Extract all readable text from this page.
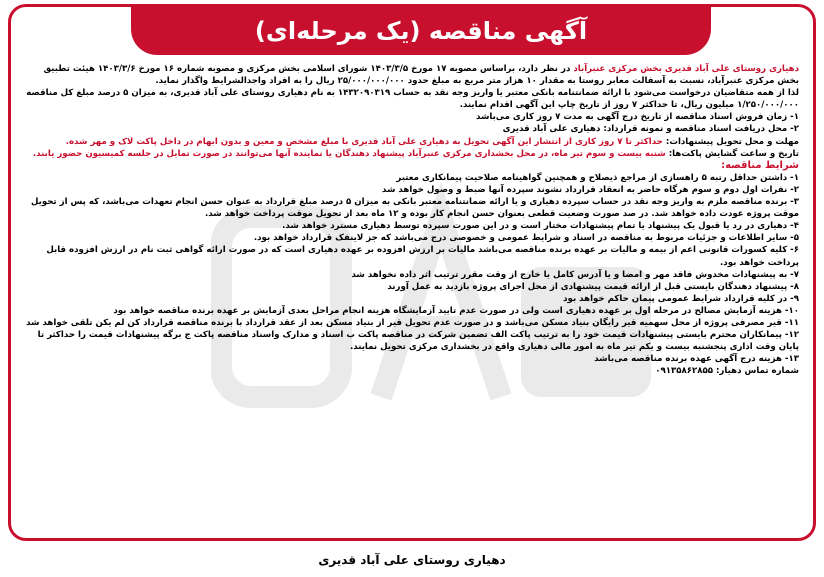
آگهی مناقصه (یک مرحله‌ای)

دهیاری روستای علی آباد قدیری بخش مرکزی عنبرآباد در نظر دارد، براساس مصوبه ۱۷ مورخ ۱۴۰۳/۳/۵ شورای اسلامی بخش مرکزی و مصوبه شماره ۱۶ مورخ ۱۴۰۳/۳/۶ هیئت تطبیق بخش مرکزی عنبرآباد، نسبت به آسفالت معابر روستا به مقدار ۱۰ هزار متر مربع به مبلغ حدود ۲۵/۰۰۰/۰۰۰/۰۰۰ ریال را به افراد واجدالشرایط واگذار نماید.

لذا از همه متقاضیان درخواست می‌شود با ارائه ضمانتنامه بانکی معتبر یا واریز وجه نقد به حساب ۱۴۳۲۰۹۰۳۱۹ به نام دهیاری روستای علی آباد قدیری، به میزان ۵ درصد مبلغ کل مناقصه ۱/۲۵۰/۰۰۰/۰۰۰ میلیون ریال، تا حداکثر ۷ روز از تاریخ چاپ این آگهی اقدام نمایند.

۱- زمان فروش اسناد مناقصه از تاریخ درج آگهی به مدت ۷ روز کاری می‌باشد

۲- محل دریافت اسناد مناقصه و نمونه قرارداد: دهیاری علی آباد قدیری

مهلت و محل تحویل پیشنهادات: حداکثر تا ۷ روز کاری از انتشار این آگهی تحویل به دهیاری علی آباد قدیری با مبلغ مشخص و معین و بدون ابهام در داخل پاکت لاک و مهر شده.

تاریخ و ساعت گشایش پاکت‌ها: شنبه بیست و سوم تیر ماه، در محل بخشداری مرکزی عنبرآباد پیشنهاد دهندگان یا نماینده آنها می‌توانند در صورت تمایل در جلسه کمیسیون حضور یابند.

شرایط مناقصه:

۱- داشتن حداقل رتبه ۵ راهسازی از مراجع ذیصلاح و همچنین گواهینامه صلاحیت پیمانکاری معتبر

۲- نفرات اول دوم و سوم هرگاه حاضر به انعقاد قرارداد نشوند سپرده آنها ضبط و وصول خواهد شد

۳- برنده مناقصه ملزم به واریز وجه نقد در حساب سپرده دهیاری و یا ارائه ضمانتنامه معتبر بانکی به میزان ۵ درصد مبلغ قرارداد به عنوان حسن انجام تعهدات می‌باشد، که پس از تحویل موقت پروژه عودت داده خواهد شد. در صد صورت وضعیت قطعی بعنوان حسن انجام کار بوده و ۱۲ ماه بعد از تحویل موقت پرداخت خواهد شد.

۴- دهیاری در رد یا قبول یک پیشنهاد یا تمام پیشنهادات مختار است و در این صورت سپرده توسط دهیاری مسترد خواهد شد.

۵- سایر اطلاعات و جزئیات مربوط به مناقصه در اسناد و شرایط عمومی و خصوصی درج می‌باشد که جز لاینفک قرارداد خواهد بود.

۶- کلیه کسورات قانونی اعم از بیمه و مالیات بر عهده برنده مناقصه می‌باشد مالیات بر ارزش افزوده بر عهده دهیاری است که در صورت ارائه گواهی ثبت نام در ارزش افزوده قابل پرداخت خواهد بود.

۷- به پیشنهادات مخدوش فاقد مهر و امضا و یا آدرس کامل یا خارج از وقت مقرر ترتیب اثر داده نخواهد شد

۸- پیشنهاد دهندگان بایستی قبل از ارائه قیمت پیشنهادی از محل اجرای پروژه بازدید به عمل آورند

۹- در کلیه قرارداد شرایط عمومی پیمان حاکم خواهد بود

۱۰- هزینه آزمایش مصالح در مرحله اول بر عهده دهیاری است ولی در صورت عدم تایید آزمایشگاه هزینه انجام مراحل بعدی آزمایش بر عهده برنده مناقصه خواهد بود

۱۱- قیر مصرفی پروژه از محل سهمیه قیر رایگان بنیاد مسکن می‌باشد و در صورت عدم تحویل قیر از بنیاد مسکن بعد از عقد قرارداد با برنده مناقصه قرارداد کن لم یکن تلقی خواهد شد

۱۲- پیمانکاران محترم بایستی پیشنهادات قیمت خود را به ترتیب پاکت الف تضمین شرکت در مناقصه پاکت ب اسناد و مدارک واسناد مناقصه پاکت ج برگه پیشنهادات قیمت را حداکثر تا پایان وقت اداری پنجشنبه بیست و یکم تیر ماه به امور مالی دهیاری واقع در بخشداری مرکزی تحویل نمایند.

۱۳- هزینه درج آگهی عهده برنده مناقصه می‌باشد

شماره تماس دهیار: ۰۹۱۳۵۸۶۲۸۵۵

دهیاری روستای علی آباد قدیری
